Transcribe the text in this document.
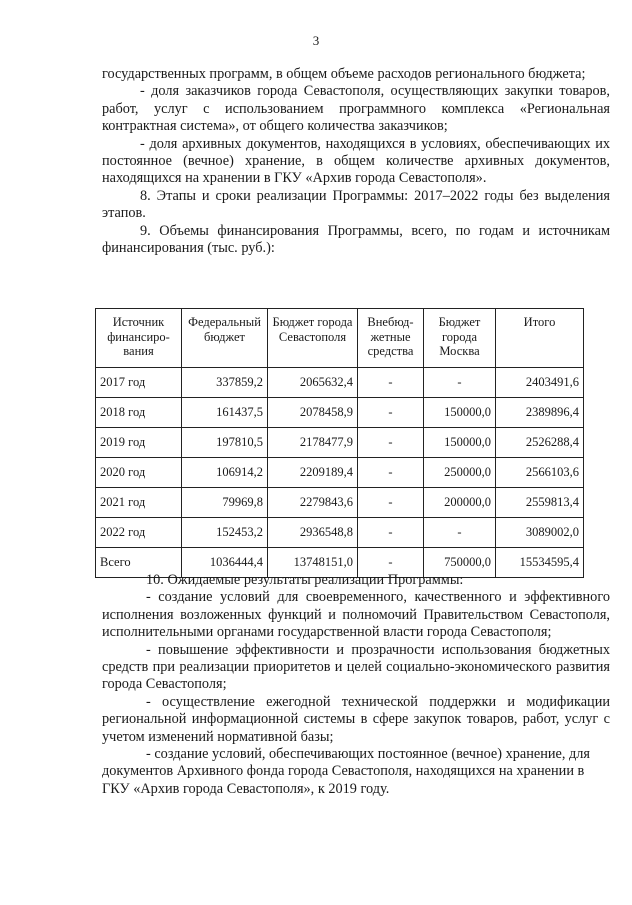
3

государственных программ, в общем объеме расходов регионального бюджета;

- доля заказчиков города Севастополя, осуществляющих закупки товаров, работ, услуг с использованием программного комплекса «Региональная контрактная система», от общего количества заказчиков;

- доля архивных документов, находящихся в условиях, обеспечивающих их постоянное (вечное) хранение, в общем количестве архивных документов, находящихся на хранении в ГКУ «Архив города Севастополя».

8. Этапы и сроки реализации Программы: 2017–2022 годы без выделения этапов.

9. Объемы финансирования Программы, всего, по годам и источникам финансирования (тыс. руб.):

Источник финансиро-вания	Федеральный бюджет	Бюджет города Севастополя	Внебюд-жетные средства	Бюджет города Москва	Итого
2017 год	337859,2	2065632,4	-	-	2403491,6
2018 год	161437,5	2078458,9	-	150000,0	2389896,4
2019 год	197810,5	2178477,9	-	150000,0	2526288,4
2020 год	106914,2	2209189,4	-	250000,0	2566103,6
2021 год	79969,8	2279843,6	-	200000,0	2559813,4
2022 год	152453,2	2936548,8	-	-	3089002,0
Всего	1036444,4	13748151,0	-	750000,0	15534595,4

10. Ожидаемые результаты реализации Программы:

- создание условий для своевременного, качественного и эффективного исполнения возложенных функций и полномочий Правительством Севастополя, исполнительными органами государственной власти города Севастополя;

- повышение эффективности и прозрачности использования бюджетных средств при реализации приоритетов и целей социально-экономического развития города Севастополя;

- осуществление ежегодной технической поддержки и модификации региональной информационной системы в сфере закупок товаров, работ, услуг с учетом изменений нормативной базы;

- создание условий, обеспечивающих постоянное (вечное) хранение, для документов Архивного фонда города Севастополя, находящихся на хранении в ГКУ «Архив города Севастополя», к 2019 году.
